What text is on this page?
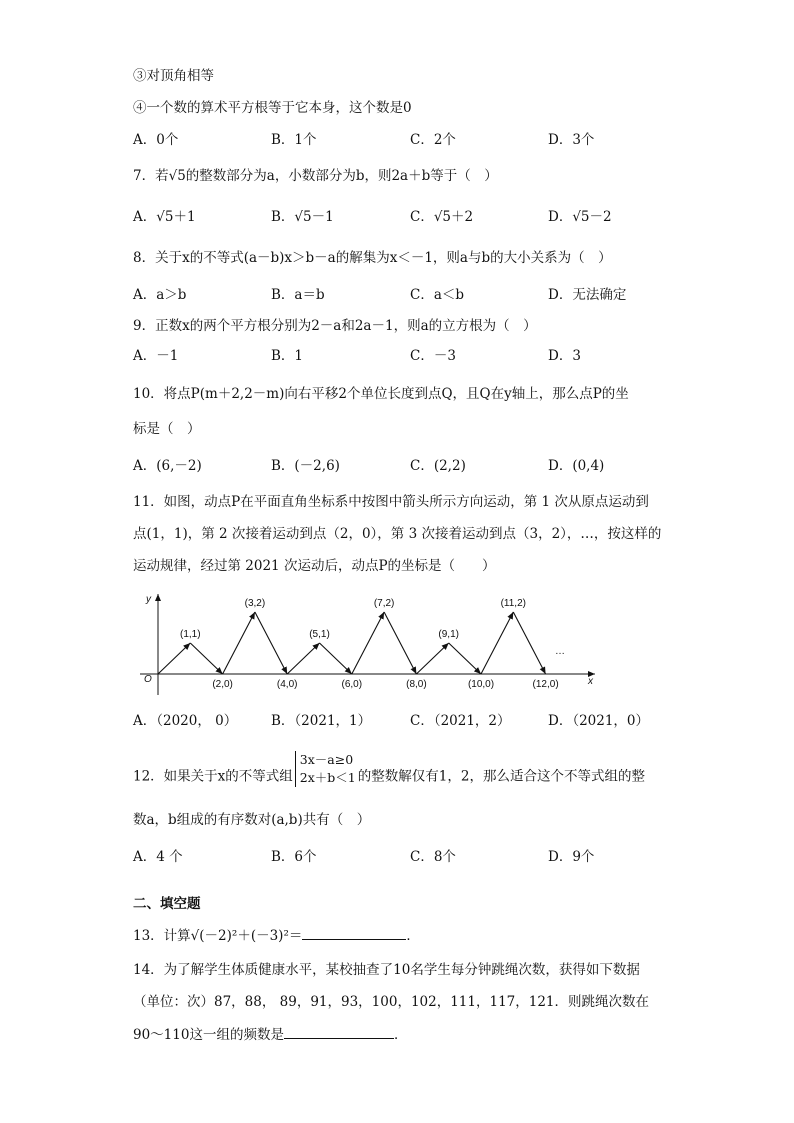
③对顶角相等
④一个数的算术平方根等于它本身，这个数是0
A．0个	B．1个	C．2个	D．3个
7．若√5的整数部分为a，小数部分为b，则2a＋b等于（　）
A．√5＋1	B．√5－1	C．√5＋2	D．√5－2
8．关于x的不等式(a－b)x＞b－a的解集为x＜－1，则a与b的大小关系为（　）
A．a＞b	B．a＝b	C．a＜b	D．无法确定
9．正数x的两个平方根分别为2－a和2a－1，则a的立方根为（　）
A．－1	B．1	C．－3	D．3
10．将点P(m＋2,2－m)向右平移2个单位长度到点Q，且Q在y轴上，那么点P的坐
标是（　）
A．(6,－2)	B．(－2,6)	C．(2,2)	D．(0,4)
11．如图，动点P在平面直角坐标系中按图中箭头所示方向运动，第 1 次从原点运动到
点(1，1)，第 2 次接着运动到点（2，0），第 3 次接着运动到点（3，2），…，按这样的
运动规律，经过第 2021 次运动后，动点P的坐标是（　　）
x
y
O
(1,1)
(2,0)
(3,2)
(4,0)
(5,1)
(6,0)
(7,2)
(8,0)
(9,1)
(10,0)
(11,2)
(12,0)
…
A．（2020， 0）	B．（2021，1）	C．（2021，2）	D．（2021，0）
12．如果关于x的不等式组
3x－a≥0
2x＋b＜1 的整数解仅有1，2，那么适合这个不等式组的整
数a，b组成的有序数对(a,b)共有（　）
A．4 个	B．6个	C．8个	D．9个
二、填空题
13．计算√(－2)²＋(－3)²＝	．
14．为了解学生体质健康水平，某校抽查了10名学生每分钟跳绳次数，获得如下数据
（单位：次）87，88， 89，91，93，100，102，111，117，121．则跳绳次数在
90～110这一组的频数是	．
